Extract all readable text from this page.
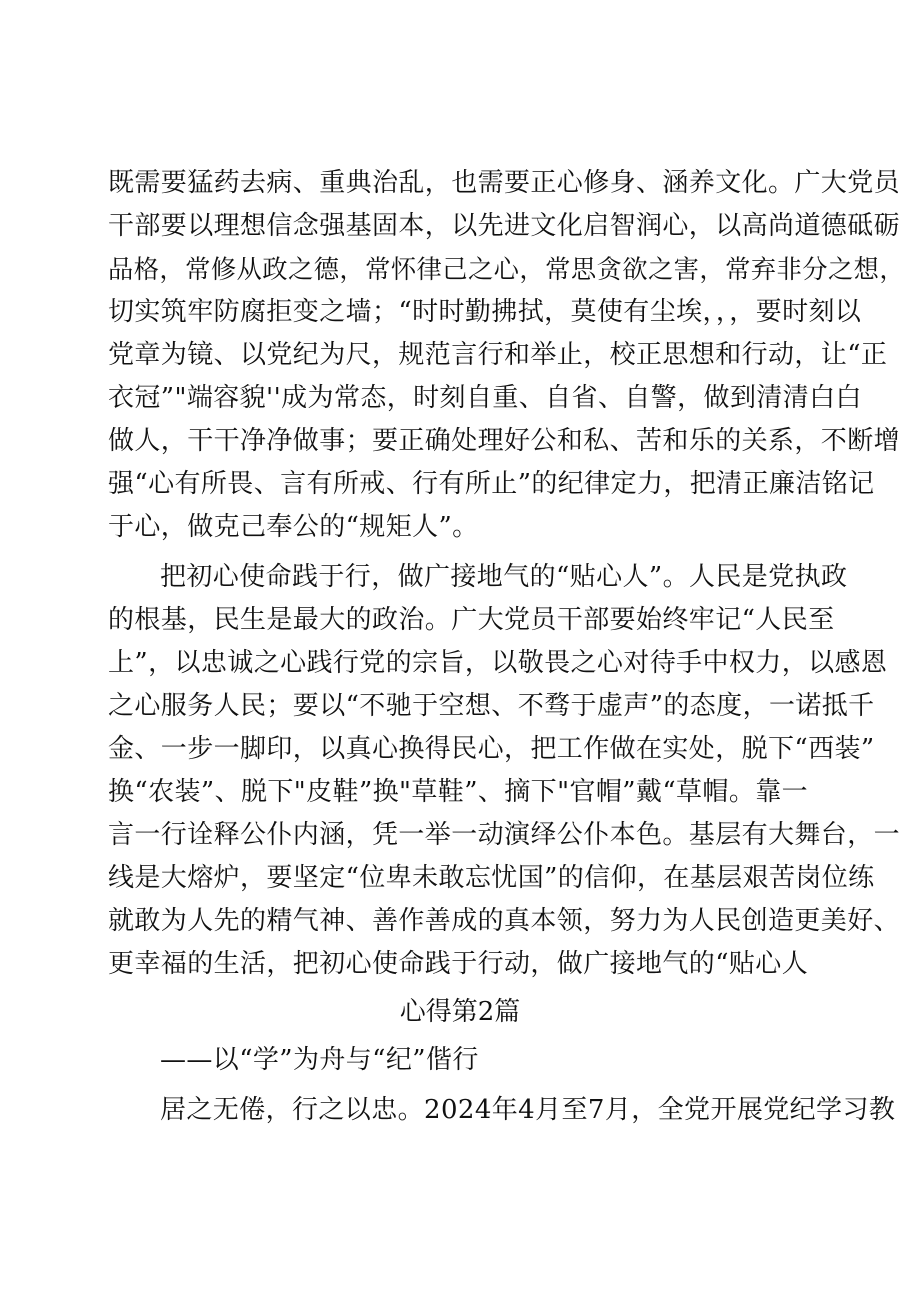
既需要猛药去病、重典治乱，也需要正心修身、涵养文化。广大党员
干部要以理想信念强基固本，以先进文化启智润心，以高尚道德砥砺
品格，常修从政之德，常怀律己之心，常思贪欲之害，常弃非分之想，
切实筑牢防腐拒变之墙；“时时勤拂拭，莫使有尘埃，，，要时刻以
党章为镜、以党纪为尺，规范言行和举止，校正思想和行动，让“正
衣冠”"端容貌''成为常态，时刻自重、自省、自警，做到清清白白
做人，干干净净做事；要正确处理好公和私、苦和乐的关系，不断增
强“心有所畏、言有所戒、行有所止”的纪律定力，把清正廉洁铭记
于心，做克己奉公的“规矩人”。
把初心使命践于行，做广接地气的“贴心人”。人民是党执政
的根基，民生是最大的政治。广大党员干部要始终牢记“人民至
上”，以忠诚之心践行党的宗旨，以敬畏之心对待手中权力，以感恩
之心服务人民；要以“不驰于空想、不骛于虚声”的态度，一诺抵千
金、一步一脚印，以真心换得民心，把工作做在实处，脱下“西装”
换“农装”、脱下"皮鞋”换"草鞋”、摘下"官帽”戴“草帽。靠一
言一行诠释公仆内涵，凭一举一动演绎公仆本色。基层有大舞台，一
线是大熔炉，要坚定“位卑未敢忘忧国”的信仰，在基层艰苦岗位练
就敢为人先的精气神、善作善成的真本领，努力为人民创造更美好、
更幸福的生活，把初心使命践于行动，做广接地气的“贴心人
心得第2篇
——以“学”为舟与“纪”偕行
居之无倦，行之以忠。2024年4月至7月，全党开展党纪学习教
